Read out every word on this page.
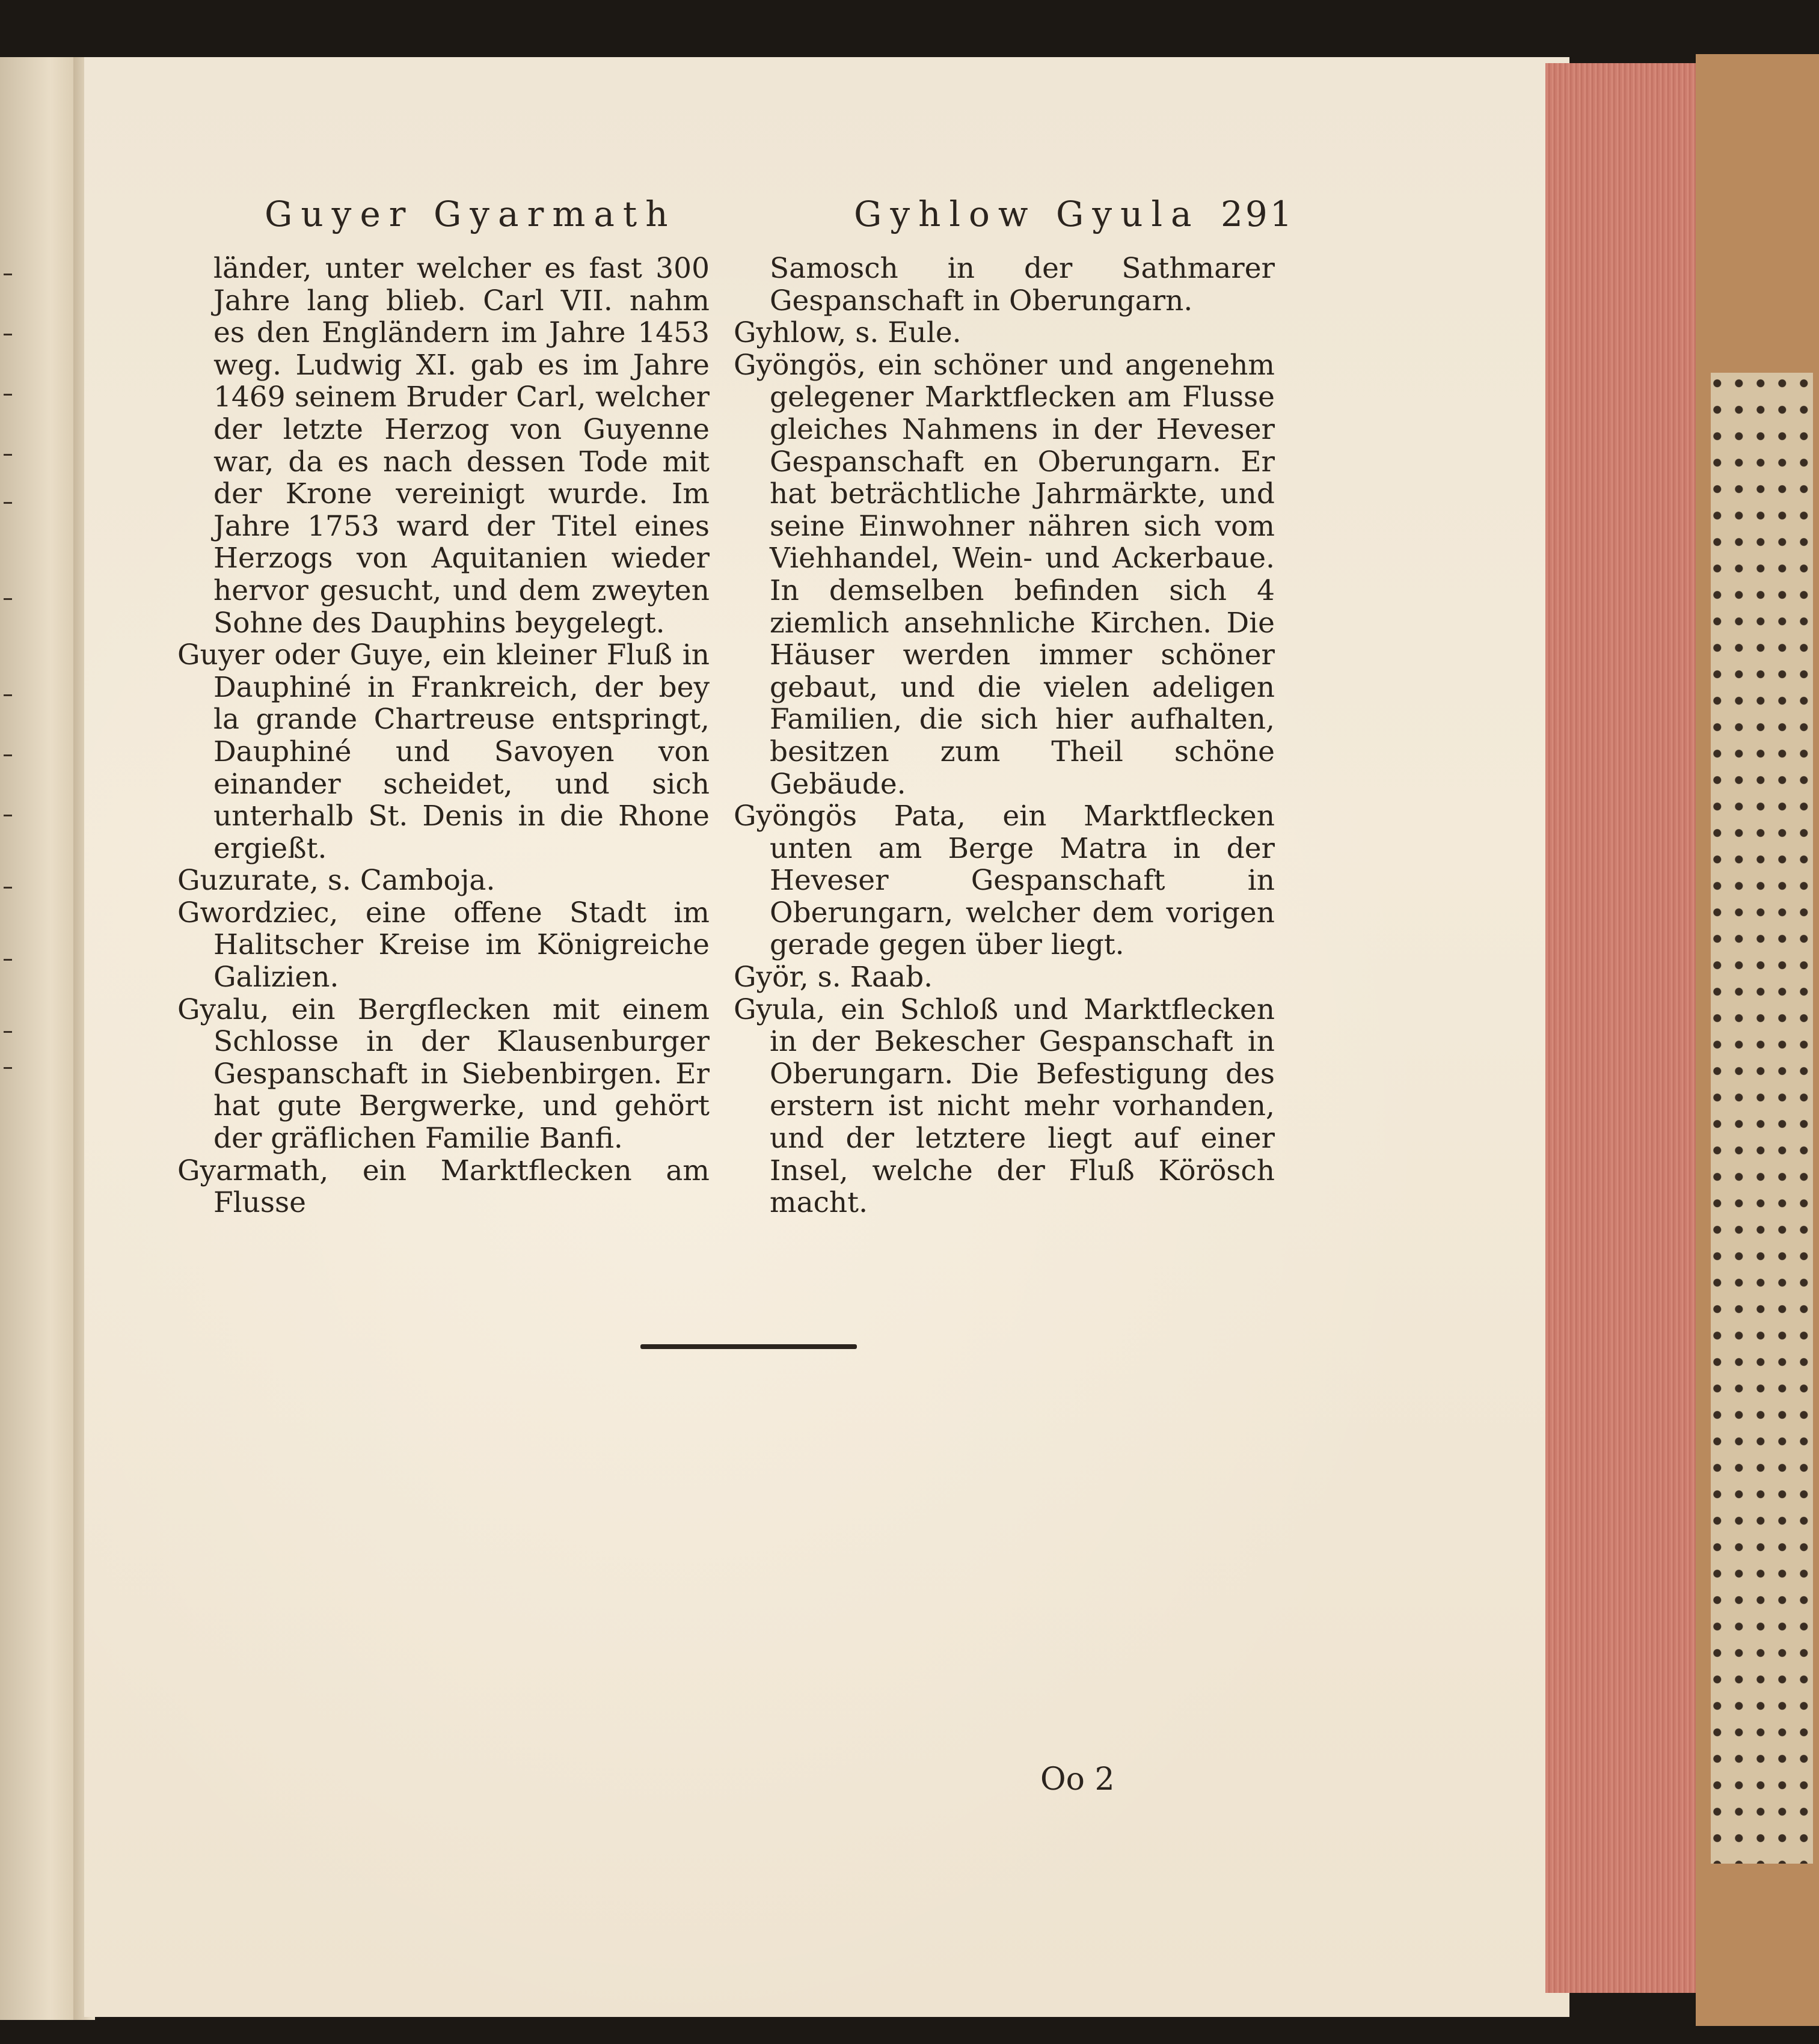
Guyer Gyarmath	Gyhlow Gyula 291

länder, unter welcher es fast 300 Jahre lang blieb. Carl VII. nahm es den Engländern im Jahre 1453 weg. Ludwig XI. gab es im Jahre 1469 seinem Bruder Carl, welcher der letzte Herzog von Guyenne war, da es nach dessen Tode mit der Krone vereinigt wurde. Im Jahre 1753 ward der Titel eines Herzogs von Aquitanien wieder hervor gesucht, und dem zweyten Sohne des Dauphins beygelegt.

Guyer oder Guye, ein kleiner Fluß in Dauphiné in Frankreich, der bey la grande Chartreuse entspringt, Dauphiné und Savoyen von einander scheidet, und sich unterhalb St. Denis in die Rhone ergießt.

Guzurate, s. Camboja.

Gwordziec, eine offene Stadt im Halitscher Kreise im Königreiche Galizien.

Gyalu, ein Bergflecken mit einem Schlosse in der Klausenburger Gespanschaft in Siebenbirgen. Er hat gute Bergwerke, und gehört der gräflichen Familie Banfi.

Gyarmath, ein Marktflecken am Flusse

Samosch in der Sathmarer Gespanschaft in Oberungarn.

Gyhlow, s. Eule.

Gyöngös, ein schöner und angenehm gelegener Marktflecken am Flusse gleiches Nahmens in der Heveser Gespanschaft en Oberungarn. Er hat beträchtliche Jahrmärkte, und seine Einwohner nähren sich vom Viehhandel, Wein- und Ackerbaue. In demselben befinden sich 4 ziemlich ansehnliche Kirchen. Die Häuser werden immer schöner gebaut, und die vielen adeligen Familien, die sich hier aufhalten, besitzen zum Theil schöne Gebäude.

Gyöngös Pata, ein Marktflecken unten am Berge Matra in der Heveser Gespanschaft in Oberungarn, welcher dem vorigen gerade gegen über liegt.

Györ, s. Raab.

Gyula, ein Schloß und Marktflecken in der Bekescher Gespanschaft in Oberungarn. Die Befestigung des erstern ist nicht mehr vorhanden, und der letztere liegt auf einer Insel, welche der Fluß Körösch macht.

Oo 2
